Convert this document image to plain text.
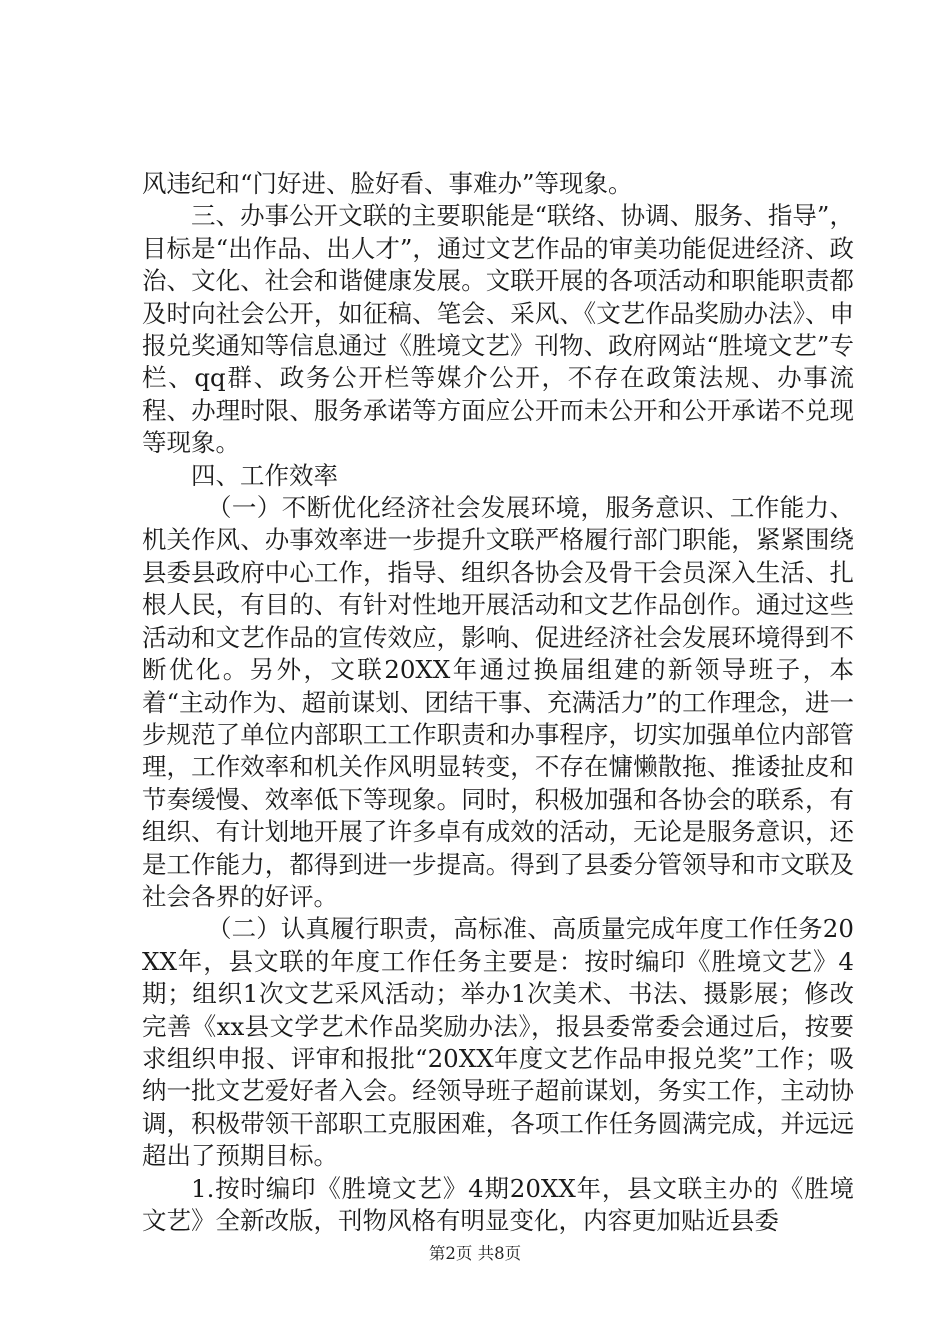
风违纪和“门好进、脸好看、事难办”等现象。

三、办事公开文联的主要职能是“联络、协调、服务、指导”，目标是“出作品、出人才”，通过文艺作品的审美功能促进经济、政治、文化、社会和谐健康发展。文联开展的各项活动和职能职责都及时向社会公开，如征稿、笔会、采风、《文艺作品奖励办法》、申报兑奖通知等信息通过《胜境文艺》刊物、政府网站“胜境文艺”专栏、qq群、政务公开栏等媒介公开，不存在政策法规、办事流程、办理时限、服务承诺等方面应公开而未公开和公开承诺不兑现等现象。

四、工作效率

（一）不断优化经济社会发展环境，服务意识、工作能力、机关作风、办事效率进一步提升文联严格履行部门职能，紧紧围绕县委县政府中心工作，指导、组织各协会及骨干会员深入生活、扎根人民，有目的、有针对性地开展活动和文艺作品创作。通过这些活动和文艺作品的宣传效应，影响、促进经济社会发展环境得到不断优化。另外，文联20XX年通过换届组建的新领导班子，本着“主动作为、超前谋划、团结干事、充满活力”的工作理念，进一步规范了单位内部职工工作职责和办事程序，切实加强单位内部管理，工作效率和机关作风明显转变，不存在慵懒散拖、推诿扯皮和节奏缓慢、效率低下等现象。同时，积极加强和各协会的联系，有组织、有计划地开展了许多卓有成效的活动，无论是服务意识，还是工作能力，都得到进一步提高。得到了县委分管领导和市文联及社会各界的好评。

（二）认真履行职责，高标准、高质量完成年度工作任务20XX年，县文联的年度工作任务主要是：按时编印《胜境文艺》4期；组织1次文艺采风活动；举办1次美术、书法、摄影展；修改完善《xx县文学艺术作品奖励办法》，报县委常委会通过后，按要求组织申报、评审和报批“20XX年度文艺作品申报兑奖”工作；吸纳一批文艺爱好者入会。经领导班子超前谋划，务实工作，主动协调，积极带领干部职工克服困难，各项工作任务圆满完成，并远远超出了预期目标。

1.按时编印《胜境文艺》4期20XX年，县文联主办的《胜境文艺》全新改版，刊物风格有明显变化，内容更加贴近县委

第2页 共8页
